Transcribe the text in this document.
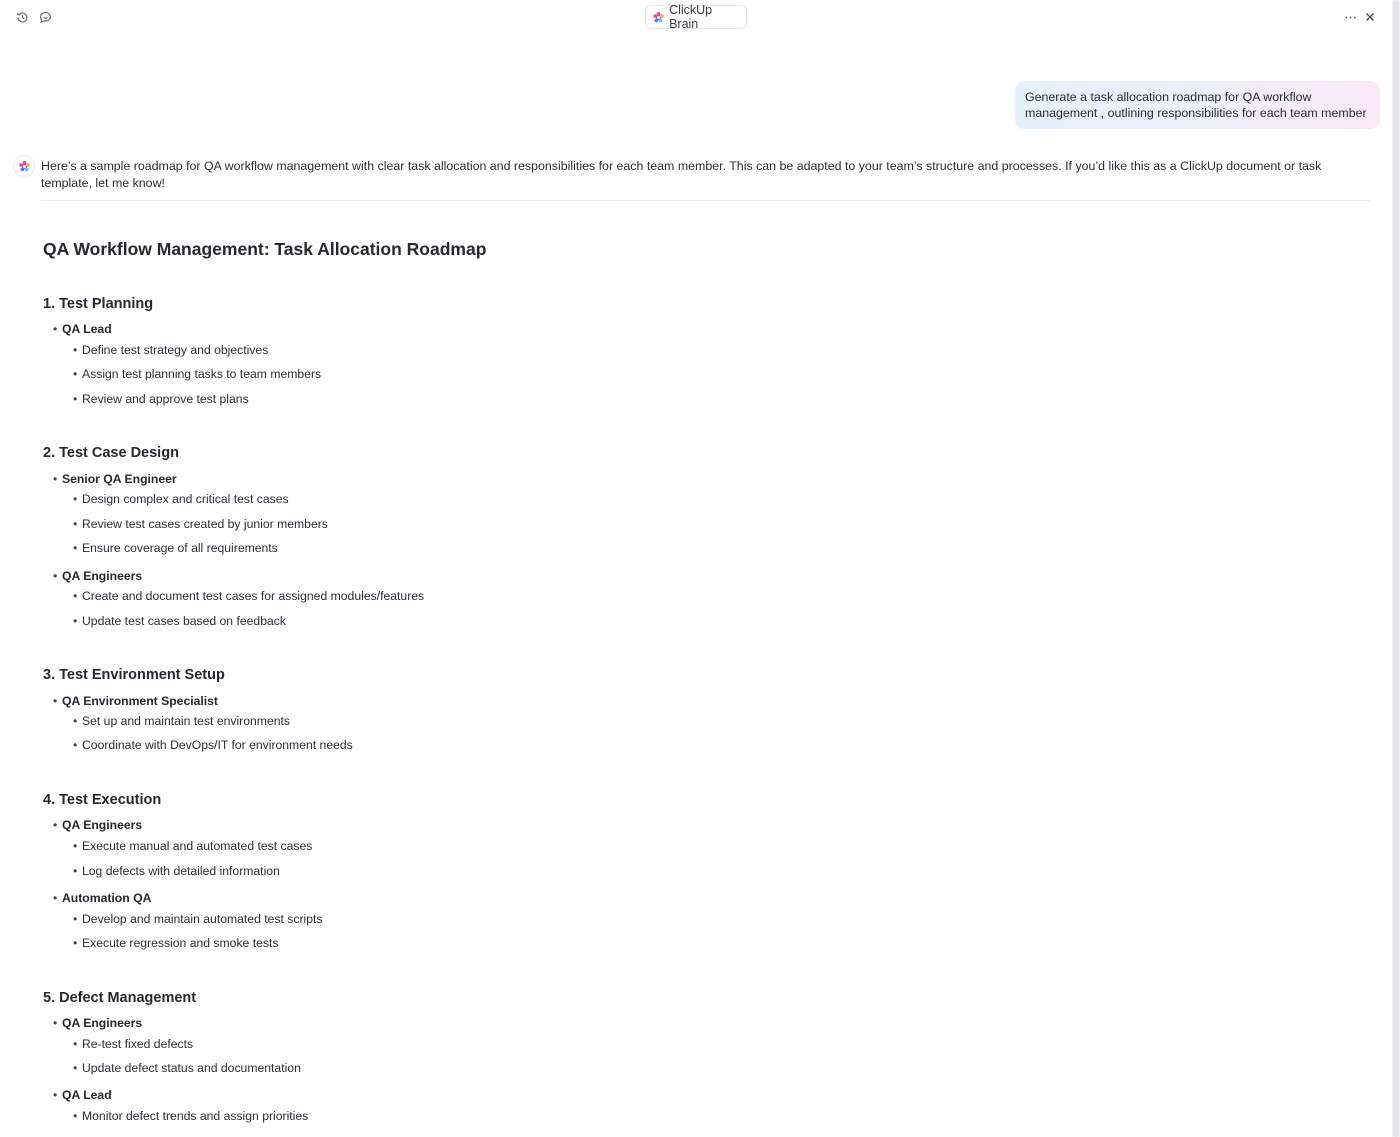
ClickUp Brain
Generate a task allocation roadmap for QA workflow management , outlining responsibilities for each team member
Here’s a sample roadmap for QA workflow management with clear task allocation and responsibilities for each team member. This can be adapted to your team’s structure and processes. If you’d like this as a ClickUp document or task template, let me know!
QA Workflow Management: Task Allocation Roadmap
1. Test Planning
• QA Lead
• Define test strategy and objectives
• Assign test planning tasks to team members
• Review and approve test plans
2. Test Case Design
• Senior QA Engineer
• Design complex and critical test cases
• Review test cases created by junior members
• Ensure coverage of all requirements
• QA Engineers
• Create and document test cases for assigned modules/features
• Update test cases based on feedback
3. Test Environment Setup
• QA Environment Specialist
• Set up and maintain test environments
• Coordinate with DevOps/IT for environment needs
4. Test Execution
• QA Engineers
• Execute manual and automated test cases
• Log defects with detailed information
• Automation QA
• Develop and maintain automated test scripts
• Execute regression and smoke tests
5. Defect Management
• QA Engineers
• Re-test fixed defects
• Update defect status and documentation
• QA Lead
• Monitor defect trends and assign priorities
